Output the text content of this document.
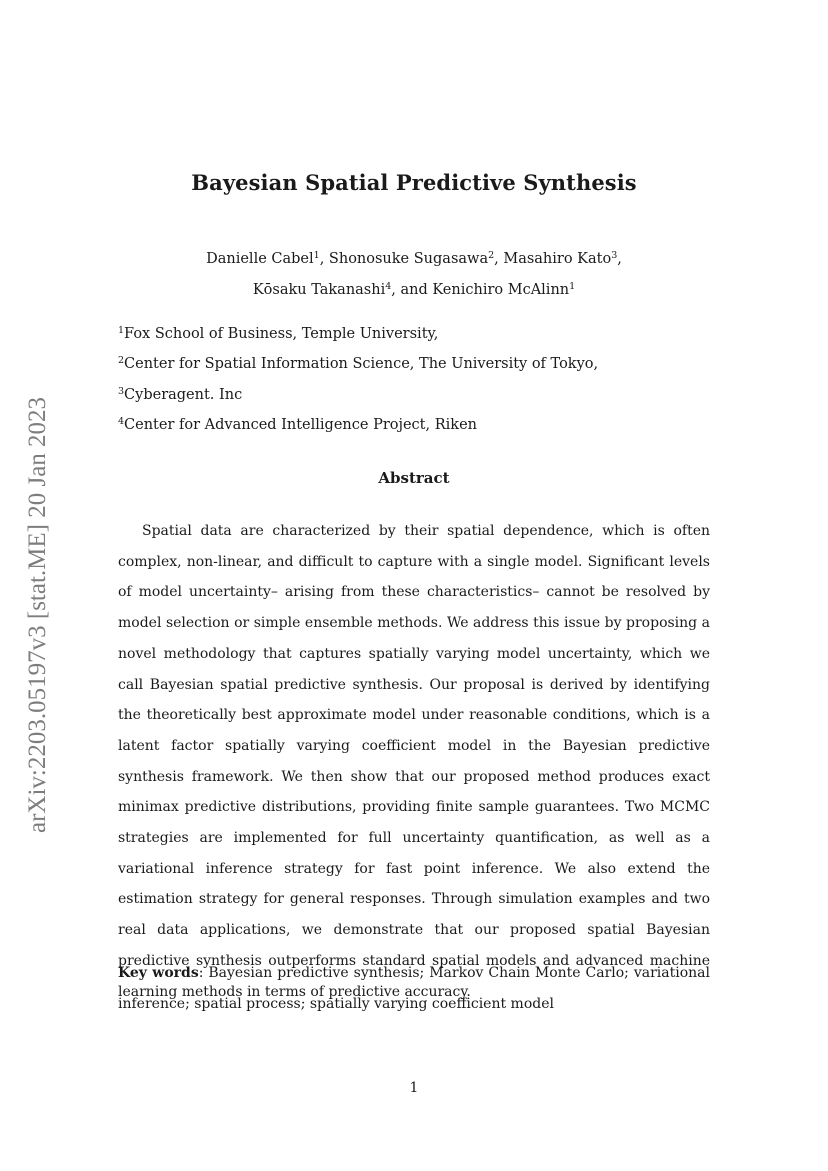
arXiv:2203.05197v3 [stat.ME] 20 Jan 2023
Bayesian Spatial Predictive Synthesis
Danielle Cabel$^1$, Shonosuke Sugasawa$^2$, Masahiro Kato$^3$,
Kōsaku Takanashi$^4$, and Kenichiro McAlinn$^1$
$^1$Fox School of Business, Temple University,
$^2$Center for Spatial Information Science, The University of Tokyo,
$^3$Cyberagent. Inc
$^4$Center for Advanced Intelligence Project, Riken
Abstract
Spatial data are characterized by their spatial dependence, which is often complex, non-linear, and difficult to capture with a single model. Significant levels of model uncertainty– arising from these characteristics– cannot be resolved by model selection or simple ensemble methods. We address this issue by proposing a novel methodology that captures spatially varying model uncertainty, which we call Bayesian spatial predictive synthesis. Our proposal is derived by identifying the theoretically best approximate model under reasonable conditions, which is a latent factor spatially varying coefficient model in the Bayesian predictive synthesis framework. We then show that our proposed method produces exact minimax predictive distributions, providing finite sample guarantees. Two MCMC strategies are implemented for full uncertainty quantification, as well as a variational inference strategy for fast point inference. We also extend the estimation strategy for general responses. Through simulation examples and two real data applications, we demonstrate that our proposed spatial Bayesian predictive synthesis outperforms standard spatial models and advanced machine learning methods in terms of predictive accuracy.
Key words: Bayesian predictive synthesis; Markov Chain Monte Carlo; variational inference; spatial process; spatially varying coefficient model
1
